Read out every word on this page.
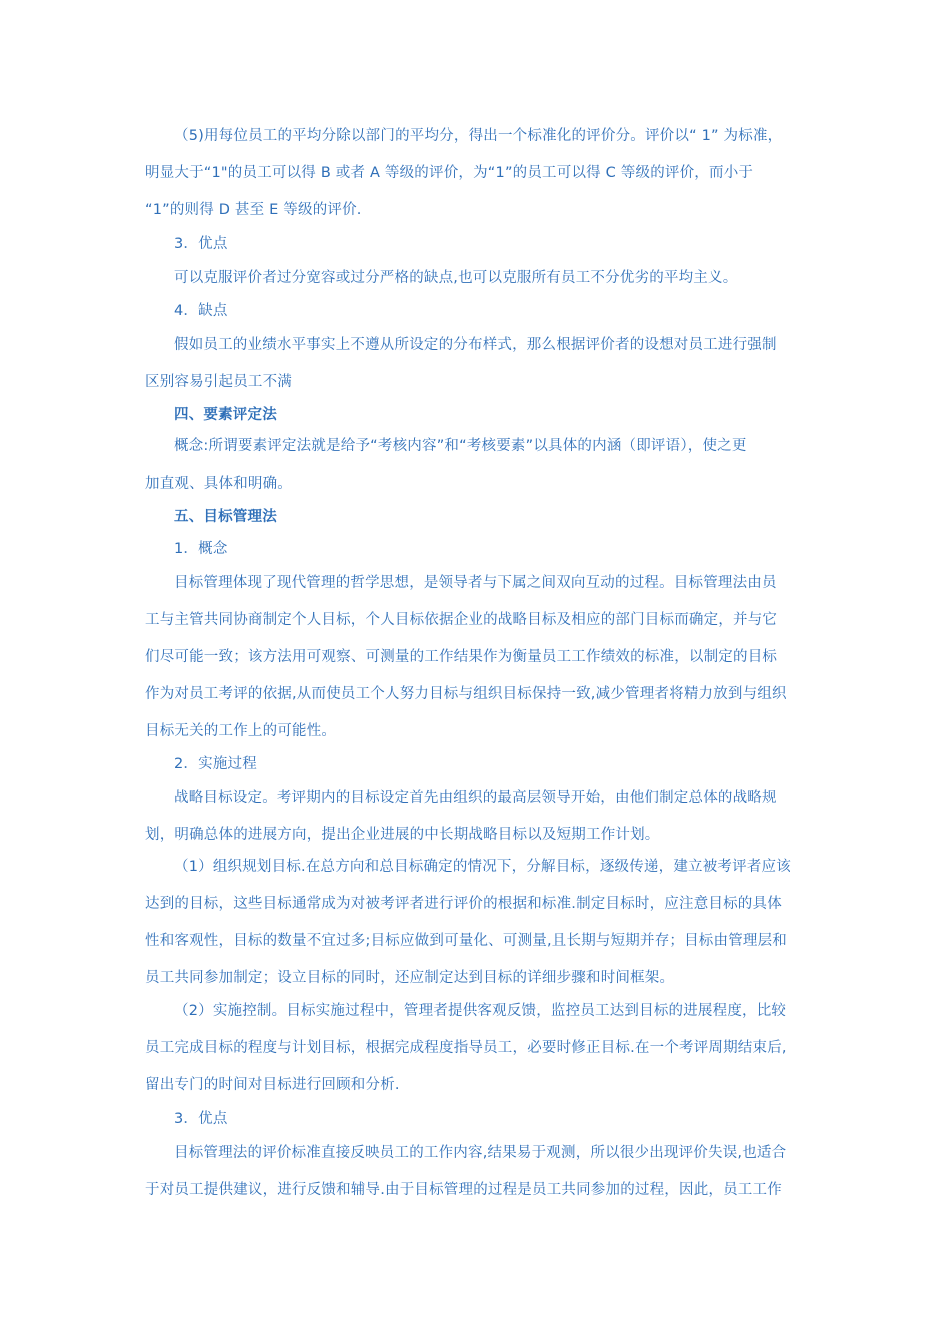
（5)用每位员工的平均分除以部门的平均分，得出一个标准化的评价分。评价以“ 1” 为标准，
明显大于“1"的员工可以得 B 或者 A 等级的评价，为“1”的员工可以得 C 等级的评价，而小于
“1”的则得 D 甚至 E 等级的评价.
3．优点
可以克服评价者过分宽容或过分严格的缺点,也可以克服所有员工不分优劣的平均主义。
4．缺点
假如员工的业绩水平事实上不遵从所设定的分布样式，那么根据评价者的设想对员工进行强制
区别容易引起员工不满
四、要素评定法
概念:所谓要素评定法就是给予“考核内容”和“考核要素”以具体的内涵（即评语），使之更
加直观、具体和明确。
五、目标管理法
1．概念
目标管理体现了现代管理的哲学思想，是领导者与下属之间双向互动的过程。目标管理法由员
工与主管共同协商制定个人目标，个人目标依据企业的战略目标及相应的部门目标而确定，并与它
们尽可能一致；该方法用可观察、可测量的工作结果作为衡量员工工作绩效的标准，以制定的目标
作为对员工考评的依据,从而使员工个人努力目标与组织目标保持一致,减少管理者将精力放到与组织
目标无关的工作上的可能性。
2．实施过程
战略目标设定。考评期内的目标设定首先由组织的最高层领导开始，由他们制定总体的战略规
划，明确总体的进展方向，提出企业进展的中长期战略目标以及短期工作计划。
（1）组织规划目标.在总方向和总目标确定的情况下，分解目标，逐级传递，建立被考评者应该
达到的目标，这些目标通常成为对被考评者进行评价的根据和标准.制定目标时，应注意目标的具体
性和客观性，目标的数量不宜过多;目标应做到可量化、可测量,且长期与短期并存；目标由管理层和
员工共同参加制定；设立目标的同时，还应制定达到目标的详细步骤和时间框架。
（2）实施控制。目标实施过程中，管理者提供客观反馈，监控员工达到目标的进展程度，比较
员工完成目标的程度与计划目标，根据完成程度指导员工，必要时修正目标.在一个考评周期结束后,
留出专门的时间对目标进行回顾和分析.
3．优点
目标管理法的评价标准直接反映员工的工作内容,结果易于观测，所以很少出现评价失误,也适合
于对员工提供建议，进行反馈和辅导.由于目标管理的过程是员工共同参加的过程，因此，员工工作
